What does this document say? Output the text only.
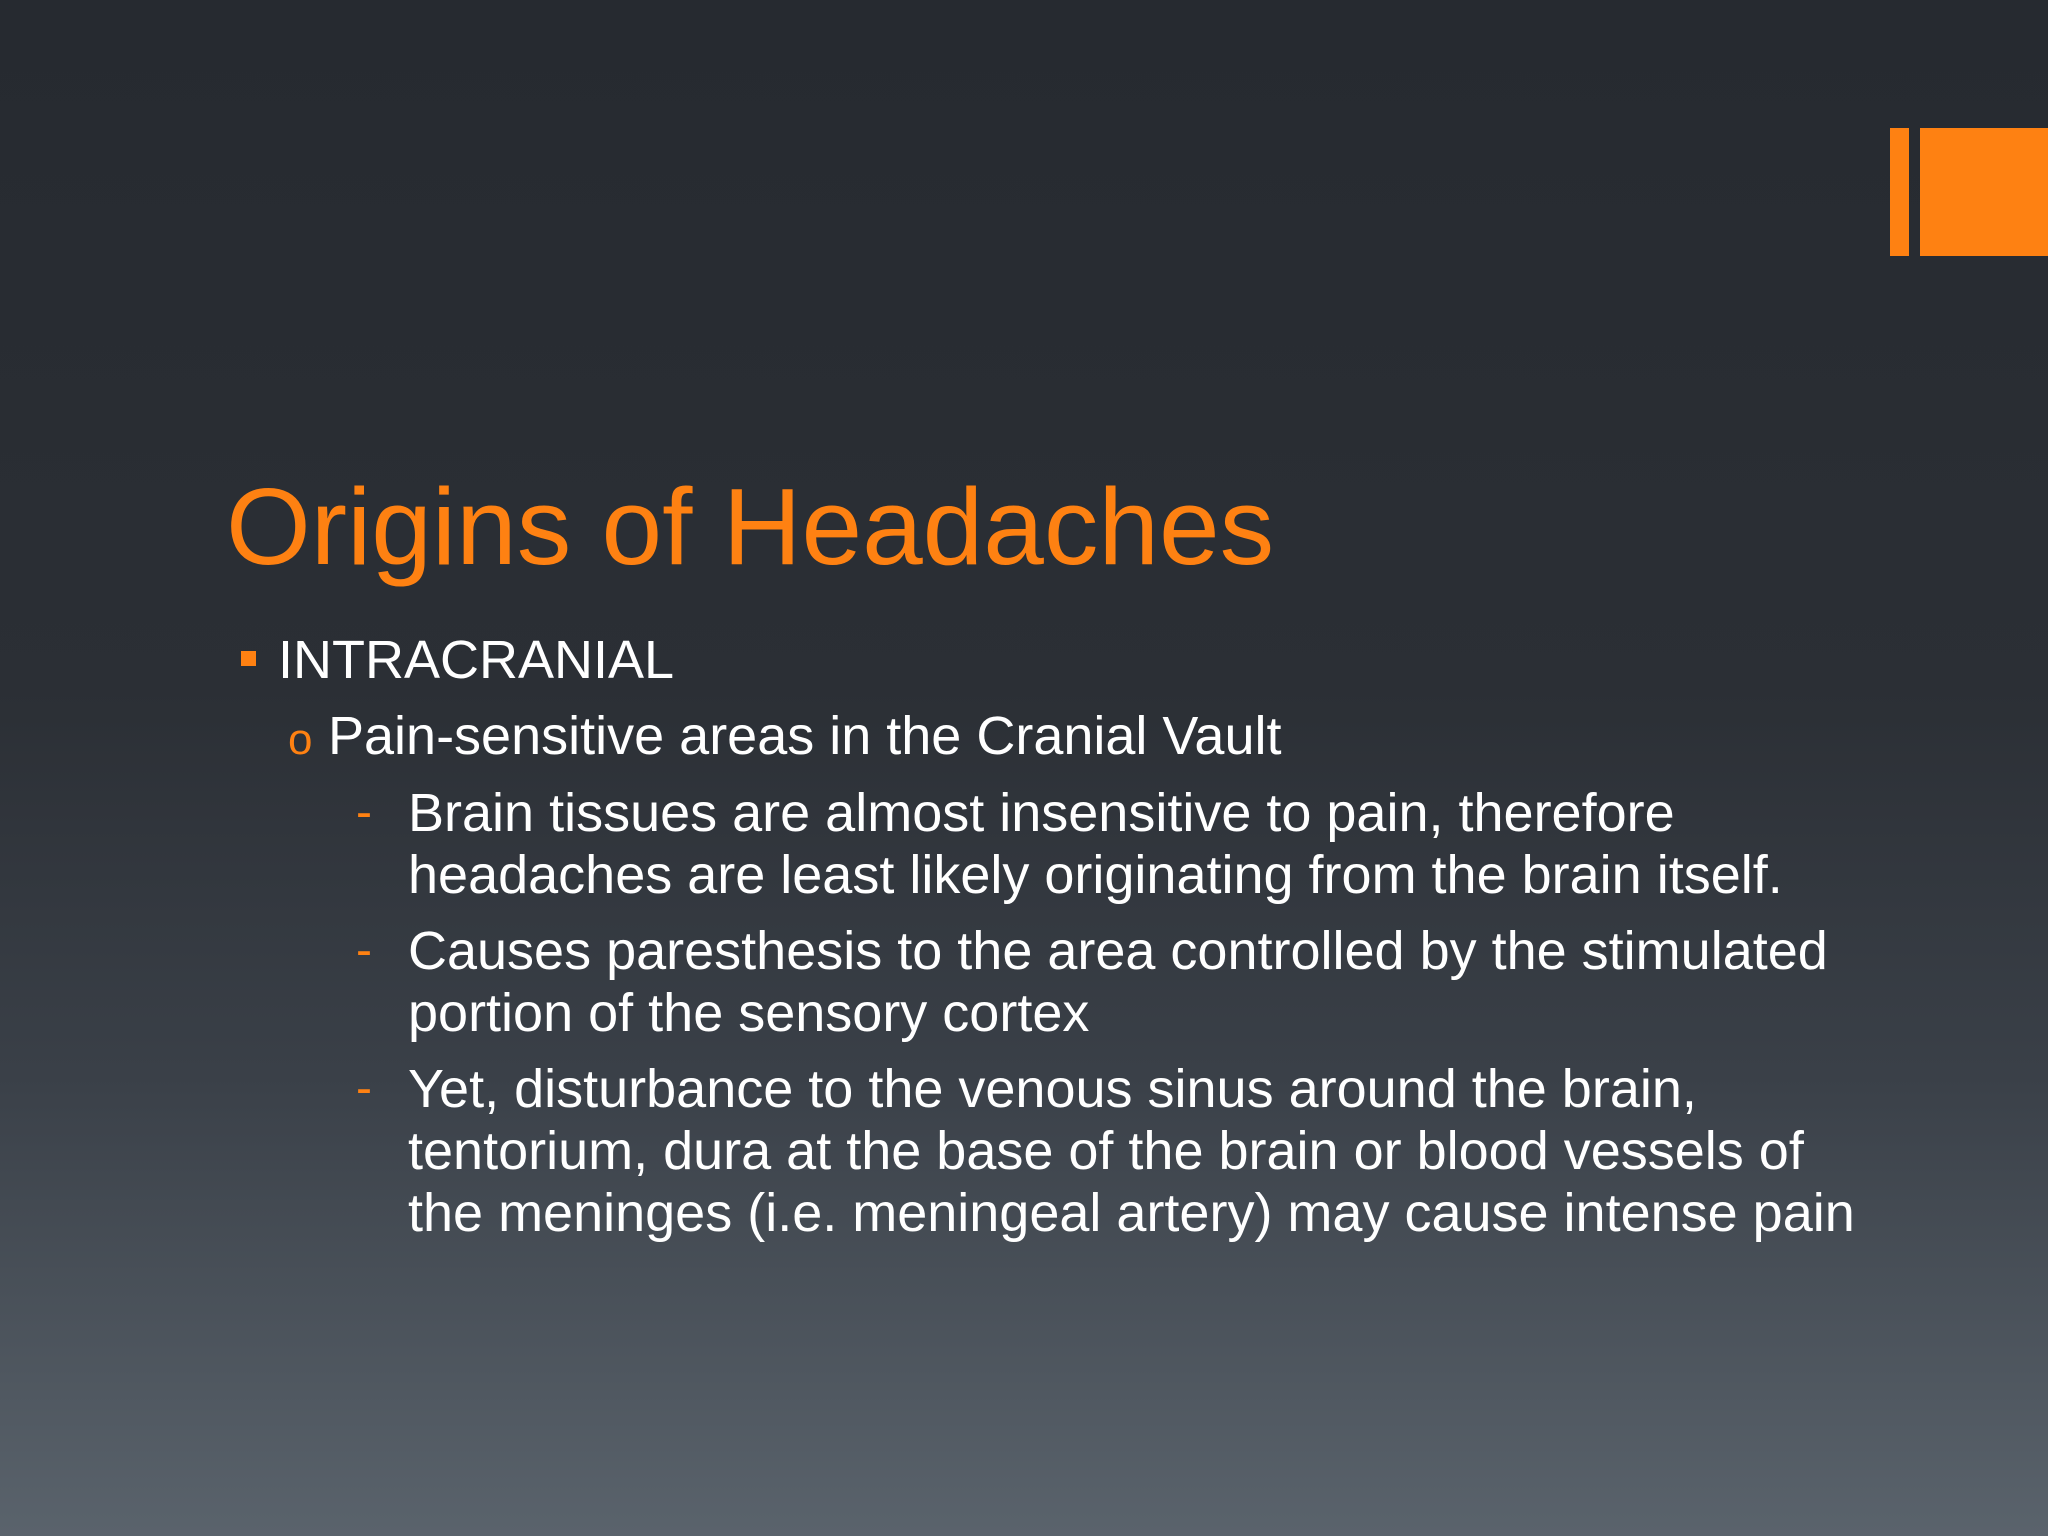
Origins of Headaches
INTRACRANIAL
o Pain-sensitive areas in the Cranial Vault
- Brain tissues are almost insensitive to pain, therefore headaches are least likely originating from the brain itself.
- Causes paresthesis to the area controlled by the stimulated portion of the sensory cortex
- Yet, disturbance to the venous sinus around the brain, tentorium, dura at the base of the brain or blood vessels of the meninges (i.e. meningeal artery) may cause intense pain
